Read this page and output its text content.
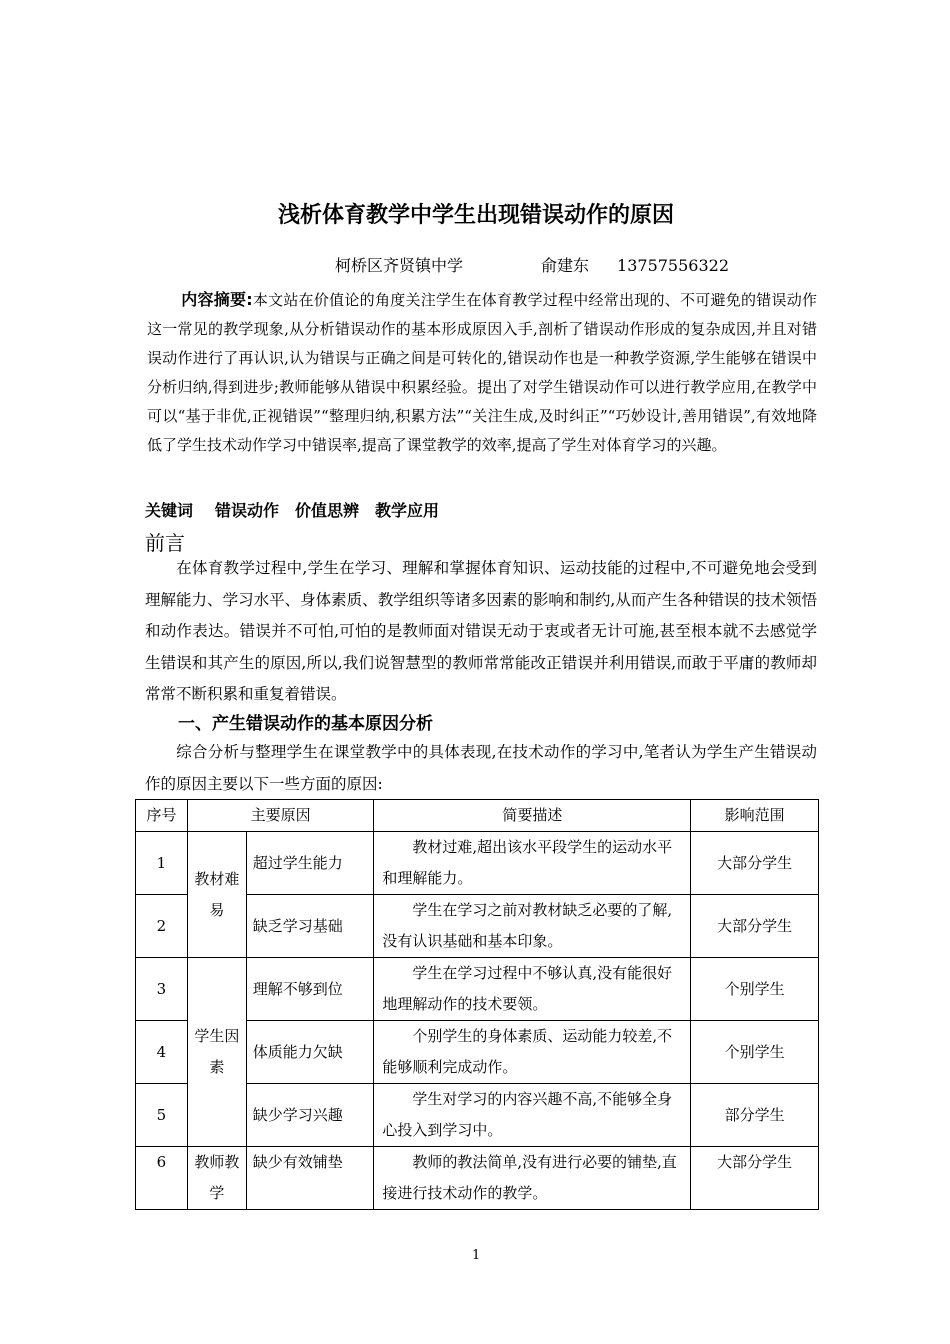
浅析体育教学中学生出现错误动作的原因
柯桥区齐贤镇中学	俞建东 13757556322
内容摘要:本文站在价值论的角度关注学生在体育教学过程中经常出现的、不可避免的错误动作这一常见的教学现象,从分析错误动作的基本形成原因入手,剖析了错误动作形成的复杂成因,并且对错误动作进行了再认识,认为错误与正确之间是可转化的,错误动作也是一种教学资源,学生能够在错误中分析归纳,得到进步;教师能够从错误中积累经验。提出了对学生错误动作可以进行教学应用,在教学中可以“基于非优,正视错误”“整理归纳,积累方法”“关注生成,及时纠正”“巧妙设计,善用错误”,有效地降低了学生技术动作学习中错误率,提高了课堂教学的效率,提高了学生对体育学习的兴趣。
关键词 错误动作 价值思辨 教学应用
前言
在体育教学过程中,学生在学习、理解和掌握体育知识、运动技能的过程中,不可避免地会受到理解能力、学习水平、身体素质、教学组织等诸多因素的影响和制约,从而产生各种错误的技术领悟和动作表达。错误并不可怕,可怕的是教师面对错误无动于衷或者无计可施,甚至根本就不去感觉学生错误和其产生的原因,所以,我们说智慧型的教师常常能改正错误并利用错误,而敢于平庸的教师却常常不断积累和重复着错误。
一、产生错误动作的基本原因分析
综合分析与整理学生在课堂教学中的具体表现,在技术动作的学习中,笔者认为学生产生错误动作的原因主要以下一些方面的原因:
序号	主要原因		简要描述	影响范围
1	教材难易	超过学生能力	教材过难,超出该水平段学生的运动水平和理解能力。	大部分学生
2		缺乏学习基础	学生在学习之前对教材缺乏必要的了解,没有认识基础和基本印象。	大部分学生
3	学生因素	理解不够到位	学生在学习过程中不够认真,没有能很好地理解动作的技术要领。	个别学生
4		体质能力欠缺	个别学生的身体素质、运动能力较差,不能够顺利完成动作。	个别学生
5		缺少学习兴趣	学生对学习的内容兴趣不高,不能够全身心投入到学习中。	部分学生
6	教师教学	缺少有效铺垫	教师的教法简单,没有进行必要的铺垫,直接进行技术动作的教学。	大部分学生
1
